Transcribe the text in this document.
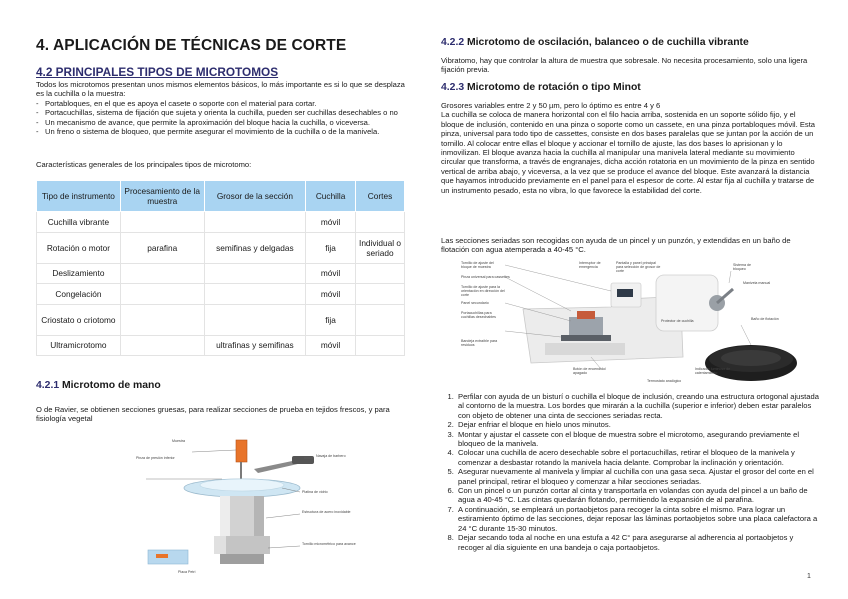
4. APLICACIÓN DE TÉCNICAS DE CORTE
4.2 PRINCIPALES TIPOS DE MICROTOMOS
Todos los microtomos presentan unos mismos elementos básicos, lo más importante es si lo que se desplaza es la cuchilla o la muestra:
- Portabloques, en el que es apoya el casete o soporte con el material para cortar.
- Portacuchillas, sistema de fijación que sujeta y orienta la cuchilla, pueden ser cuchillas desechables o no
- Un mecanismo de avance, que permite la aproximación del bloque hacia la cuchilla, o viceversa.
- Un freno o sistema de bloqueo, que permite asegurar el movimiento de la cuchilla o de la manivela.
Características generales de los principales tipos de microtomo:
Tipo de instrumento	Procesamiento de la muestra	Grosor de la sección	Cuchilla	Cortes
Cuchilla vibrante			móvil	
Rotación o motor	parafina	semifinas y delgadas	fija	Individual o seriado
Deslizamiento			móvil	
Congelación			móvil	
Criostato o criotomo			fija	
Ultramicrotomo		ultrafinas y semifinas	móvil	
4.2.1 Microtomo de mano
O de Ravier, se obtienen secciones gruesas, para realizar secciones de prueba en tejidos frescos, y para fisiología vegetal
Muestra
Pinza de presión inferior	Navaja de barbero
Platina de vidrio
Estructura de acero inoxidable
Tornillo micrométrico para avance
Placa Petri
4.2.2 Microtomo de oscilación, balanceo o de cuchilla vibrante
Vibratomo, hay que controlar la altura de muestra que sobresale. No necesita procesamiento, solo una ligera fijación previa.
4.2.3 Microtomo de rotación o tipo Minot
Grosores variables entre 2 y 50 µm, pero lo óptimo es entre 4 y 6
La cuchilla se coloca de manera horizontal con el filo hacia arriba, sostenida en un soporte sólido fijo, y el bloque de inclusión, contenido en una pinza o soporte como un cassete, en una pinza portabloques móvil. Esta pinza, universal para todo tipo de cassettes, consiste en dos bases paralelas que se juntan por la acción de un tornillo. Al colocar entre ellas el bloque y accionar el tornillo de ajuste, las dos bases lo aprisionan y lo inmovilizan. El bloque avanza hacia la cuchilla al manipular una manivela lateral mediante su movimiento circular que transforma, a través de engranajes, dicha acción rotatoria en un movimiento de la pinza en sentido vertical de arriba abajo, y viceversa, a la vez que se produce el avance del bloque. Este avanzará la distancia que hayamos introducido previamente en el panel para el espesor de corte. Al estar fija al cuchilla y tratarse de un instrumento pesado, esta no vibra, lo que favorece la estabilidad del corte.
Las secciones seriadas son recogidas con ayuda de un pincel y un punzón, y extendidas en un baño de flotación con agua atemperada a 40-45 °C.
Interruptor de emergencia
Pantalla y panel principal para selección de grosor de corte
Sistema de bloqueo
Manivela manual
Tornillo de ajuste del bloque de muestra
Pinza universal para cassettes
Tornillo de ajuste para la orientación en dirección del corte
Panel secundario
Portacuchillas para cuchillas desechables
Bandeja extraíble para residuos
Baño de flotación
Protector de cuchilla
Botón de encendido/ apagado
Indicador luminoso de calentamiento
Termostato analógico
1. Perfilar con ayuda de un bisturí o cuchilla el bloque de inclusión, creando una estructura ortogonal ajustada al contorno de la muestra. Los bordes que mirarán a la cuchilla (superior e inferior) deben estar paralelos con objeto de obtener una cinta de secciones seriadas recta.
2. Dejar enfriar el bloque en hielo unos minutos.
3. Montar y ajustar el cassete con el bloque de muestra sobre el microtomo, asegurando previamente el bloqueo de la manivela.
4. Colocar una cuchilla de acero desechable sobre el portacuchillas, retirar el bloqueo de la manivela y comenzar a desbastar rotando la manivela hacia delante. Comprobar la inclinación y orientación.
5. Asegurar nuevamente al manivela y limpiar al cuchilla con una gasa seca. Ajustar el grosor del corte en el panel principal, retirar el bloqueo y comenzar a hilar secciones seriadas.
6. Con un pincel o un punzón cortar al cinta y transportarla en volandas con ayuda del pincel a un baño de agua a 40-45 °C. Las cintas quedarán flotando, permitiendo la expansión de al parafina.
7. A continuación, se empleará un portaobjetos para recoger la cinta sobre el mismo. Para lograr un estiramiento óptimo de las secciones, dejar reposar las láminas portaobjetos sobre una placa calefactora a 24 °C durante 15-30 minutos.
8. Dejar secando toda al noche en una estufa a 42 C° para asegurarse al adherencia al portaobjetos y recoger al día siguiente en una bandeja o caja portaobjetos.
1
